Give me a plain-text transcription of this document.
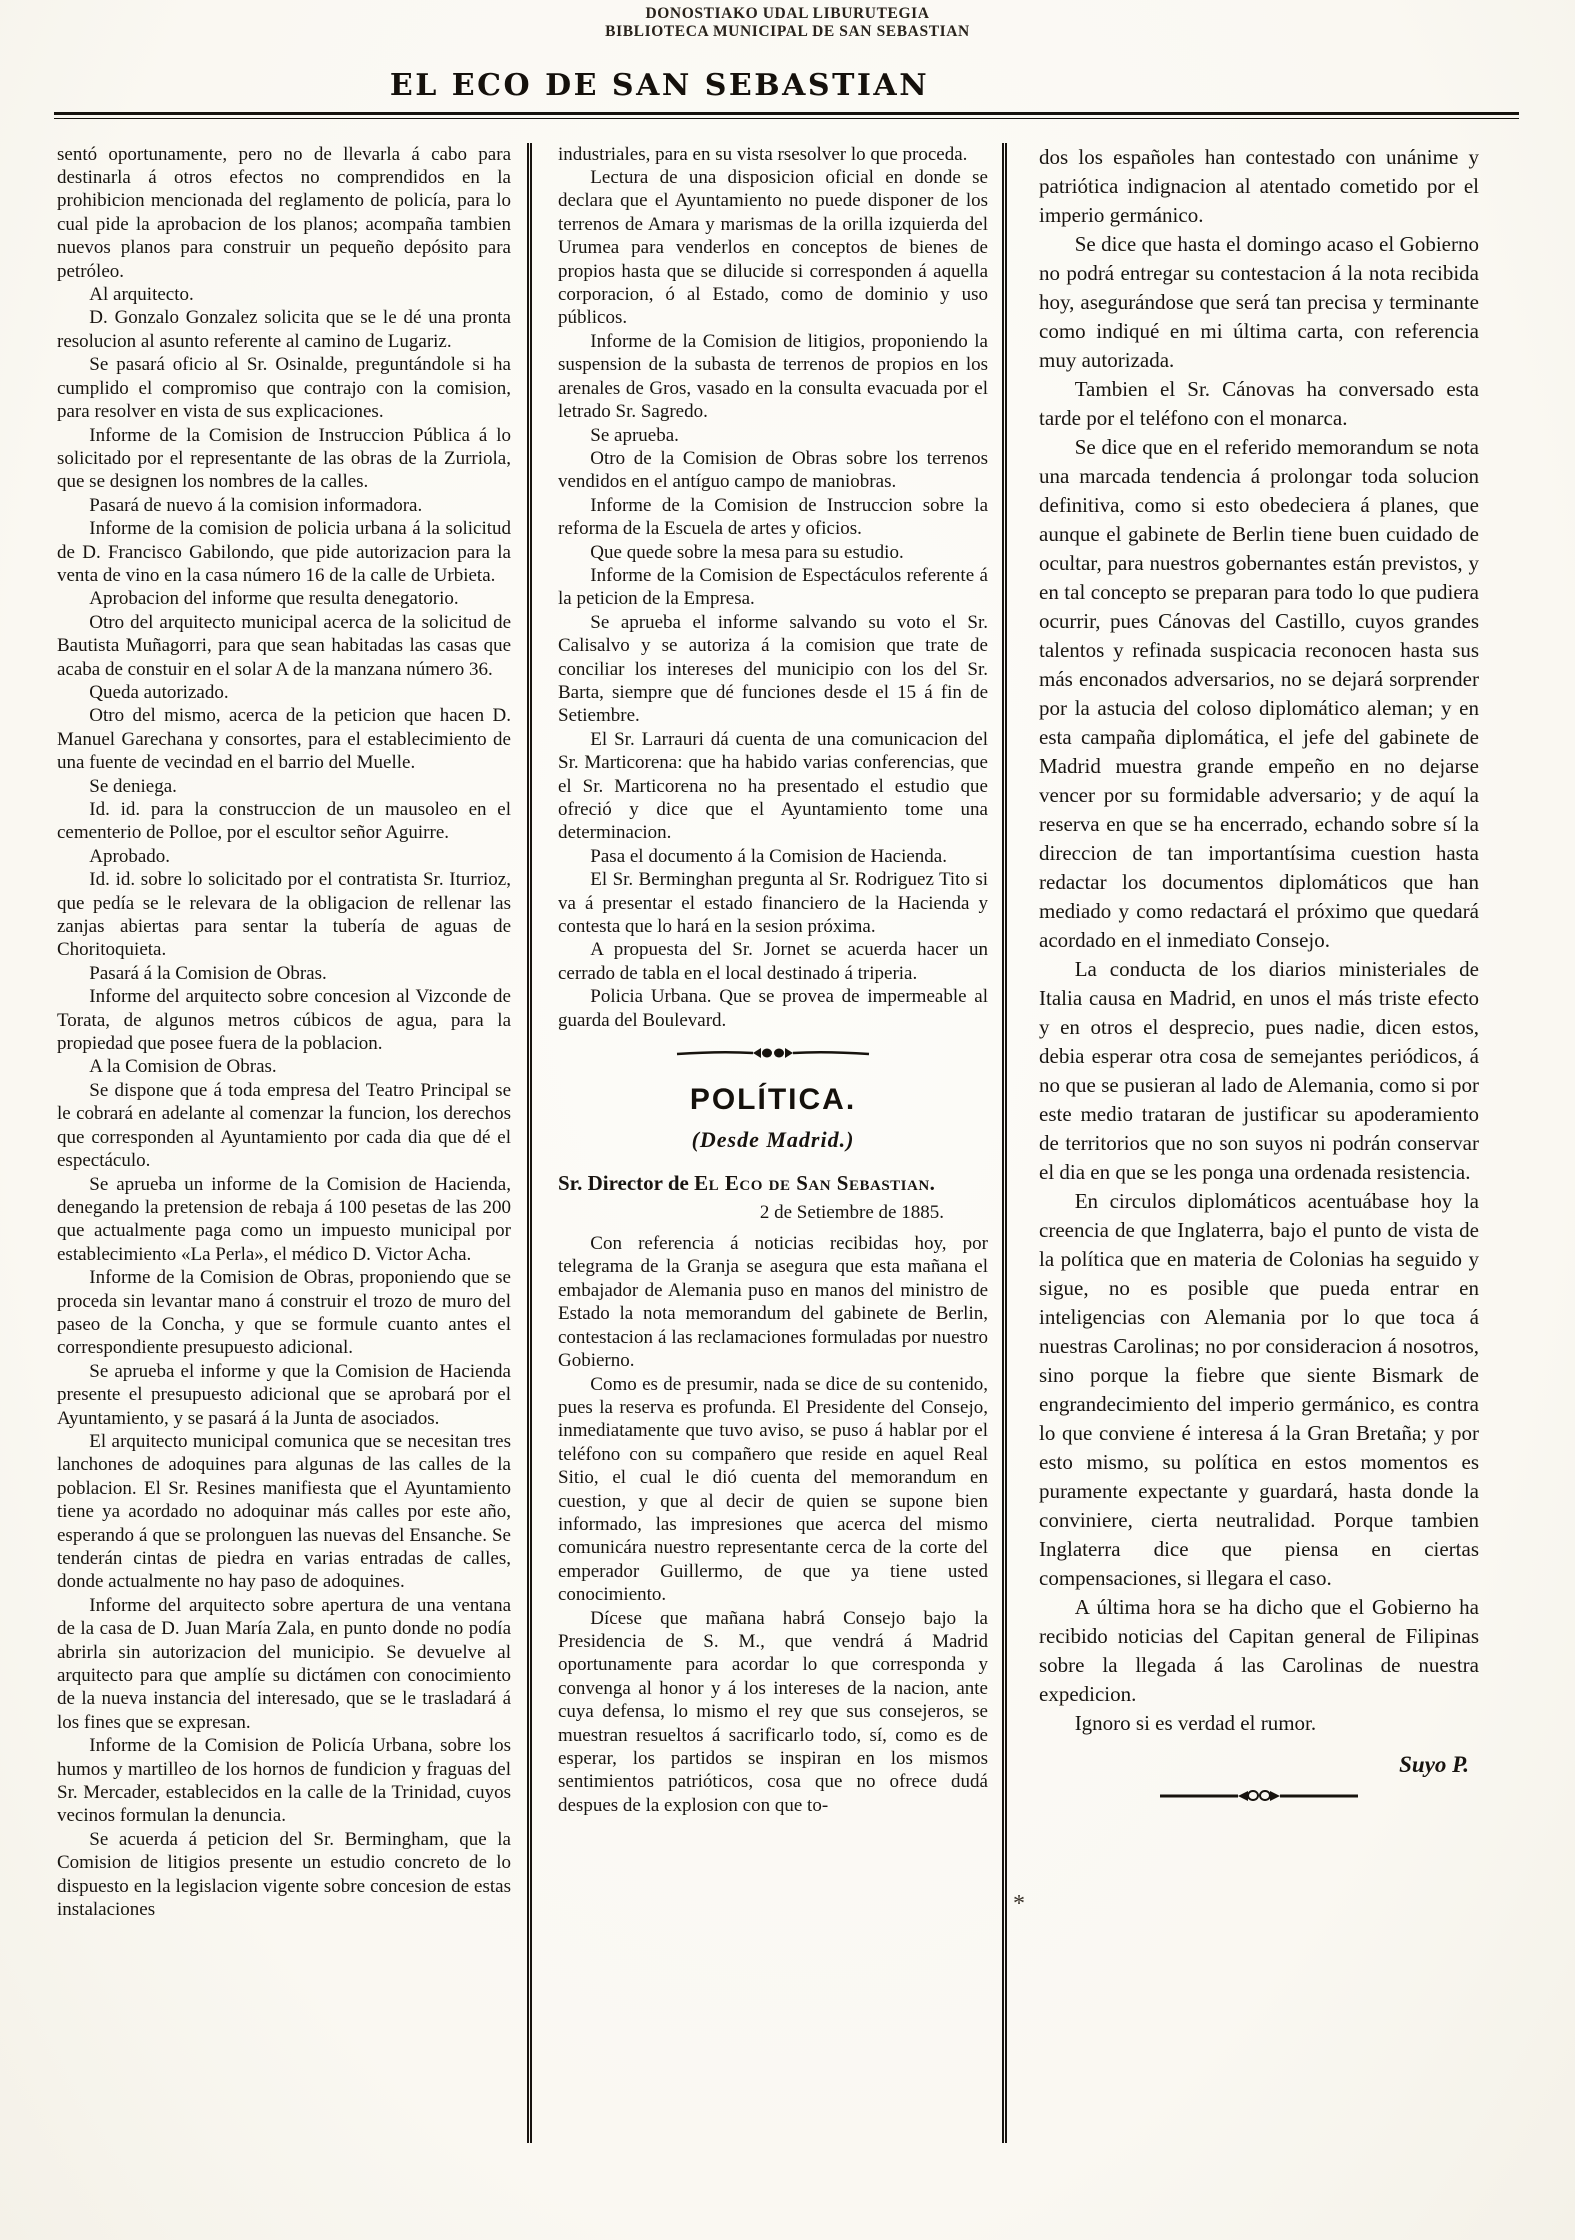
DONOSTIAKO UDAL LIBURUTEGIA
BIBLIOTECA MUNICIPAL DE SAN SEBASTIAN
EL ECO DE SAN SEBASTIAN

sentó oportunamente, pero no de llevarla á cabo para destinarla á otros efectos no comprendidos en la prohibicion mencionada del reglamento de policía, para lo cual pide la aprobacion de los planos; acompaña tambien nuevos planos para construir un pequeño depósito para petróleo.

Al arquitecto.

D. Gonzalo Gonzalez solicita que se le dé una pronta resolucion al asunto referente al camino de Lugariz.

Se pasará oficio al Sr. Osinalde, preguntándole si ha cumplido el compromiso que contrajo con la comision, para resolver en vista de sus explicaciones.

Informe de la Comision de Instruccion Pública á lo solicitado por el representante de las obras de la Zurriola, que se designen los nombres de la calles.

Pasará de nuevo á la comision informadora.

Informe de la comision de policia urbana á la solicitud de D. Francisco Gabilondo, que pide autorizacion para la venta de vino en la casa número 16 de la calle de Urbieta.

Aprobacion del informe que resulta denegatorio.

Otro del arquitecto municipal acerca de la solicitud de Bautista Muñagorri, para que sean habitadas las casas que acaba de constuir en el solar A de la manzana número 36.

Queda autorizado.

Otro del mismo, acerca de la peticion que hacen D. Manuel Garechana y consortes, para el establecimiento de una fuente de vecindad en el barrio del Muelle.

Se deniega.

Id. id. para la construccion de un mausoleo en el cementerio de Polloe, por el escultor señor Aguirre.

Aprobado.

Id. id. sobre lo solicitado por el contratista Sr. Iturrioz, que pedía se le relevara de la obligacion de rellenar las zanjas abiertas para sentar la tubería de aguas de Choritoquieta.

Pasará á la Comision de Obras.

Informe del arquitecto sobre concesion al Vizconde de Torata, de algunos metros cúbicos de agua, para la propiedad que posee fuera de la poblacion.

A la Comision de Obras.

Se dispone que á toda empresa del Teatro Principal se le cobrará en adelante al comenzar la funcion, los derechos que corresponden al Ayuntamiento por cada dia que dé el espectáculo.

Se aprueba un informe de la Comision de Hacienda, denegando la pretension de rebaja á 100 pesetas de las 200 que actualmente paga como un impuesto municipal por establecimiento «La Perla», el médico D. Victor Acha.

Informe de la Comision de Obras, proponiendo que se proceda sin levantar mano á construir el trozo de muro del paseo de la Concha, y que se formule cuanto antes el correspondiente presupuesto adicional.

Se aprueba el informe y que la Comision de Hacienda presente el presupuesto adicional que se aprobará por el Ayuntamiento, y se pasará á la Junta de asociados.

El arquitecto municipal comunica que se necesitan tres lanchones de adoquines para algunas de las calles de la poblacion. El Sr. Resines manifiesta que el Ayuntamiento tiene ya acordado no adoquinar más calles por este año, esperando á que se prolonguen las nuevas del Ensanche. Se tenderán cintas de piedra en varias entradas de calles, donde actualmente no hay paso de adoquines.

Informe del arquitecto sobre apertura de una ventana de la casa de D. Juan María Zala, en punto donde no podía abrirla sin autorizacion del municipio. Se devuelve al arquitecto para que amplíe su dictámen con conocimiento de la nueva instancia del interesado, que se le trasladará á los fines que se expresan.

Informe de la Comision de Policía Urbana, sobre los humos y martilleo de los hornos de fundicion y fraguas del Sr. Mercader, establecidos en la calle de la Trinidad, cuyos vecinos formulan la denuncia.

Se acuerda á peticion del Sr. Bermingham, que la Comision de litigios presente un estudio concreto de lo dispuesto en la legislacion vigente sobre concesion de estas instalaciones

industriales, para en su vista rsesolver lo que proceda.

Lectura de una disposicion oficial en donde se declara que el Ayuntamiento no puede disponer de los terrenos de Amara y marismas de la orilla izquierda del Urumea para venderlos en conceptos de bienes de propios hasta que se dilucide si corresponden á aquella corporacion, ó al Estado, como de dominio y uso públicos.

Informe de la Comision de litigios, proponiendo la suspension de la subasta de terrenos de propios en los arenales de Gros, vasado en la consulta evacuada por el letrado Sr. Sagredo.

Se aprueba.

Otro de la Comision de Obras sobre los terrenos vendidos en el antíguo campo de maniobras.

Informe de la Comision de Instruccion sobre la reforma de la Escuela de artes y oficios.

Que quede sobre la mesa para su estudio.

Informe de la Comision de Espectáculos referente á la peticion de la Empresa.

Se aprueba el informe salvando su voto el Sr. Calisalvo y se autoriza á la comision que trate de conciliar los intereses del municipio con los del Sr. Barta, siempre que dé funciones desde el 15 á fin de Setiembre.

El Sr. Larrauri dá cuenta de una comunicacion del Sr. Marticorena: que ha habido varias conferencias, que el Sr. Marticorena no ha presentado el estudio que ofreció y dice que el Ayuntamiento tome una determinacion.

Pasa el documento á la Comision de Hacienda.

El Sr. Berminghan pregunta al Sr. Rodriguez Tito si va á presentar el estado financiero de la Hacienda y contesta que lo hará en la sesion próxima.

A propuesta del Sr. Jornet se acuerda hacer un cerrado de tabla en el local destinado á triperia.

Policia Urbana. Que se provea de impermeable al guarda del Boulevard.

POLÍTICA.
(Desde Madrid.)

Sr. Director de El Eco de San Sebastian.

2 de Setiembre de 1885.

Con referencia á noticias recibidas hoy, por telegrama de la Granja se asegura que esta mañana el embajador de Alemania puso en manos del ministro de Estado la nota memorandum del gabinete de Berlin, contestacion á las reclamaciones formuladas por nuestro Gobierno.

Como es de presumir, nada se dice de su contenido, pues la reserva es profunda. El Presidente del Consejo, inmediatamente que tuvo aviso, se puso á hablar por el teléfono con su compañero que reside en aquel Real Sitio, el cual le dió cuenta del memorandum en cuestion, y que al decir de quien se supone bien informado, las impresiones que acerca del mismo comunicára nuestro representante cerca de la corte del emperador Guillermo, de que ya tiene usted conocimiento.

Dícese que mañana habrá Consejo bajo la Presidencia de S. M., que vendrá á Madrid oportunamente para acordar lo que corresponda y convenga al honor y á los intereses de la nacion, ante cuya defensa, lo mismo el rey que sus consejeros, se muestran resueltos á sacrificarlo todo, sí, como es de esperar, los partidos se inspiran en los mismos sentimientos patrióticos, cosa que no ofrece dudá despues de la explosion con que to-

*

dos los españoles han contestado con unánime y patriótica indignacion al atentado cometido por el imperio germánico.

Se dice que hasta el domingo acaso el Gobierno no podrá entregar su contestacion á la nota recibida hoy, asegurándose que será tan precisa y terminante como indiqué en mi última carta, con referencia muy autorizada.

Tambien el Sr. Cánovas ha conversado esta tarde por el teléfono con el monarca.

Se dice que en el referido memorandum se nota una marcada tendencia á prolongar toda solucion definitiva, como si esto obedeciera á planes, que aunque el gabinete de Berlin tiene buen cuidado de ocultar, para nuestros gobernantes están previstos, y en tal concepto se preparan para todo lo que pudiera ocurrir, pues Cánovas del Castillo, cuyos grandes talentos y refinada suspicacia reconocen hasta sus más enconados adversarios, no se dejará sorprender por la astucia del coloso diplomático aleman; y en esta campaña diplomática, el jefe del gabinete de Madrid muestra grande empeño en no dejarse vencer por su formidable adversario; y de aquí la reserva en que se ha encerrado, echando sobre sí la direccion de tan importantísima cuestion hasta redactar los documentos diplomáticos que han mediado y como redactará el próximo que quedará acordado en el inmediato Consejo.

La conducta de los diarios ministeriales de Italia causa en Madrid, en unos el más triste efecto y en otros el desprecio, pues nadie, dicen estos, debia esperar otra cosa de semejantes periódicos, á no que se pusieran al lado de Alemania, como si por este medio trataran de justificar su apoderamiento de territorios que no son suyos ni podrán conservar el dia en que se les ponga una ordenada resistencia.

En circulos diplomáticos acentuábase hoy la creencia de que Inglaterra, bajo el punto de vista de la política que en materia de Colonias ha seguido y sigue, no es posible que pueda entrar en inteligencias con Alemania por lo que toca á nuestras Carolinas; no por consideracion á nosotros, sino porque la fiebre que siente Bismark de engrandecimiento del imperio germánico, es contra lo que conviene é interesa á la Gran Bretaña; y por esto mismo, su política en estos momentos es puramente expectante y guardará, hasta donde la conviniere, cierta neutralidad. Porque tambien Inglaterra dice que piensa en ciertas compensaciones, si llegara el caso.

A última hora se ha dicho que el Gobierno ha recibido noticias del Capitan general de Filipinas sobre la llegada á las Carolinas de nuestra expedicion.

Ignoro si es verdad el rumor.

Suyo P.
